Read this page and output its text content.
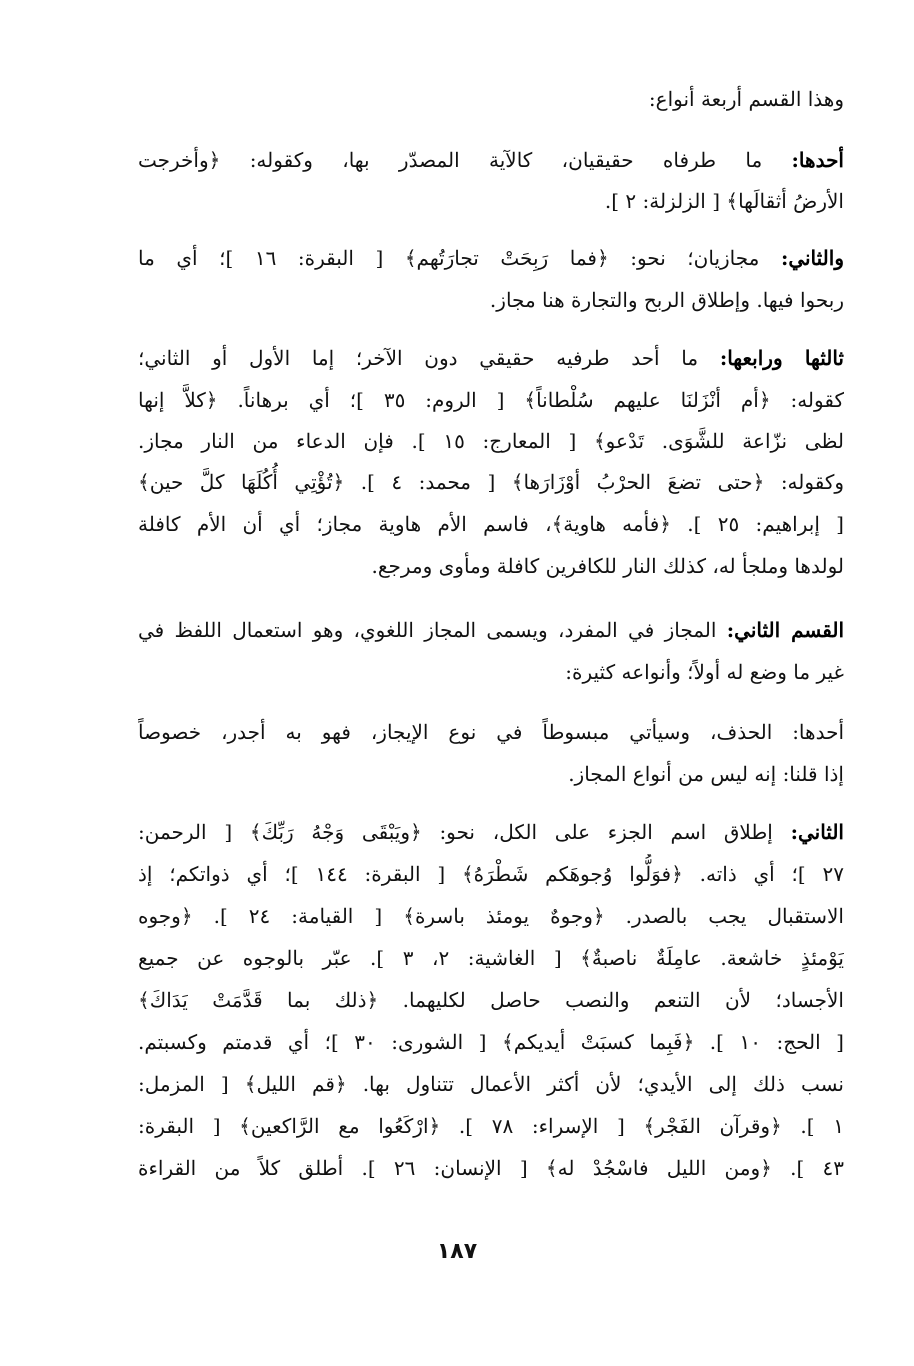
وهذا القسم أربعة أنواع:
أحدها: ما طرفاه حقيقيان، كالآية المصدّر بها، وكقوله: ﴿وأخرجت
الأرضُ أثقالَها﴾ [ الزلزلة: ٢ ].
والثاني: مجازيان؛ نحو: ﴿فما رَبِحَتْ تجارَتُهم﴾ [ البقرة: ١٦ ]؛ أي ما
ربحوا فيها. وإطلاق الربح والتجارة هنا مجاز.
ثالثها ورابعها: ما أحد طرفيه حقيقي دون الآخر؛ إما الأول أو الثاني؛
كقوله: ﴿أم أنْزَلنَا عليهم سُلْطاناً﴾ [ الروم: ٣٥ ]؛ أي برهاناً. ﴿كلاَّ إنها
لظى نزّاعة للشَّوَى. تَدْعو﴾ [ المعارج: ١٥ ]. فإن الدعاء من النار مجاز.
وكقوله: ﴿حتى تضعَ الحرْبُ أوْزَارَها﴾ [ محمد: ٤ ]. ﴿تُؤْتِي أُكُلَهَا كلَّ حين﴾
[ إبراهيم: ٢٥ ]. ﴿فأمه هاوية﴾، فاسم الأم هاوية مجاز؛ أي أن الأم كافلة
لولدها وملجأ له، كذلك النار للكافرين كافلة ومأوى ومرجع.
القسم الثاني: المجاز في المفرد، ويسمى المجاز اللغوي، وهو استعمال اللفظ في
غير ما وضع له أولاً؛ وأنواعه كثيرة:
أحدها: الحذف، وسيأتي مبسوطاً في نوع الإيجاز، فهو به أجدر، خصوصاً
إذا قلنا: إنه ليس من أنواع المجاز.
الثاني: إطلاق اسم الجزء على الكل، نحو: ﴿ويَبْقَى وَجْهُ رَبِّكَ﴾ [ الرحمن:
٢٧ ]؛ أي ذاته. ﴿فوَلُّوا وُجوهَكم شَطْرَهُ﴾ [ البقرة: ١٤٤ ]؛ أي ذواتكم؛ إذ
الاستقبال يجب بالصدر. ﴿وجوهٌ يومئذ باسرة﴾ [ القيامة: ٢٤ ]. ﴿وجوه
يَوْمئذٍ خاشعة. عامِلَةٌ ناصبةٌ﴾ [ الغاشية: ٢، ٣ ]. عبّر بالوجوه عن جميع
الأجساد؛ لأن التنعم والنصب حاصل لكليهما. ﴿ذلك بما قَدَّمَتْ يَدَاكَ﴾
[ الحج: ١٠ ]. ﴿فَبِما كسبَتْ أيديكم﴾ [ الشورى: ٣٠ ]؛ أي قدمتم وكسبتم.
نسب ذلك إلى الأيدي؛ لأن أكثر الأعمال تتناول بها. ﴿قم الليل﴾ [ المزمل:
١ ]. ﴿وقرآن الفَجْر﴾ [ الإسراء: ٧٨ ]. ﴿ارْكَعُوا مع الرَّاكعين﴾ [ البقرة:
٤٣ ]. ﴿ومن الليل فاسْجُدْ له﴾ [ الإنسان: ٢٦ ]. أطلق كلاً من القراءة
١٨٧
